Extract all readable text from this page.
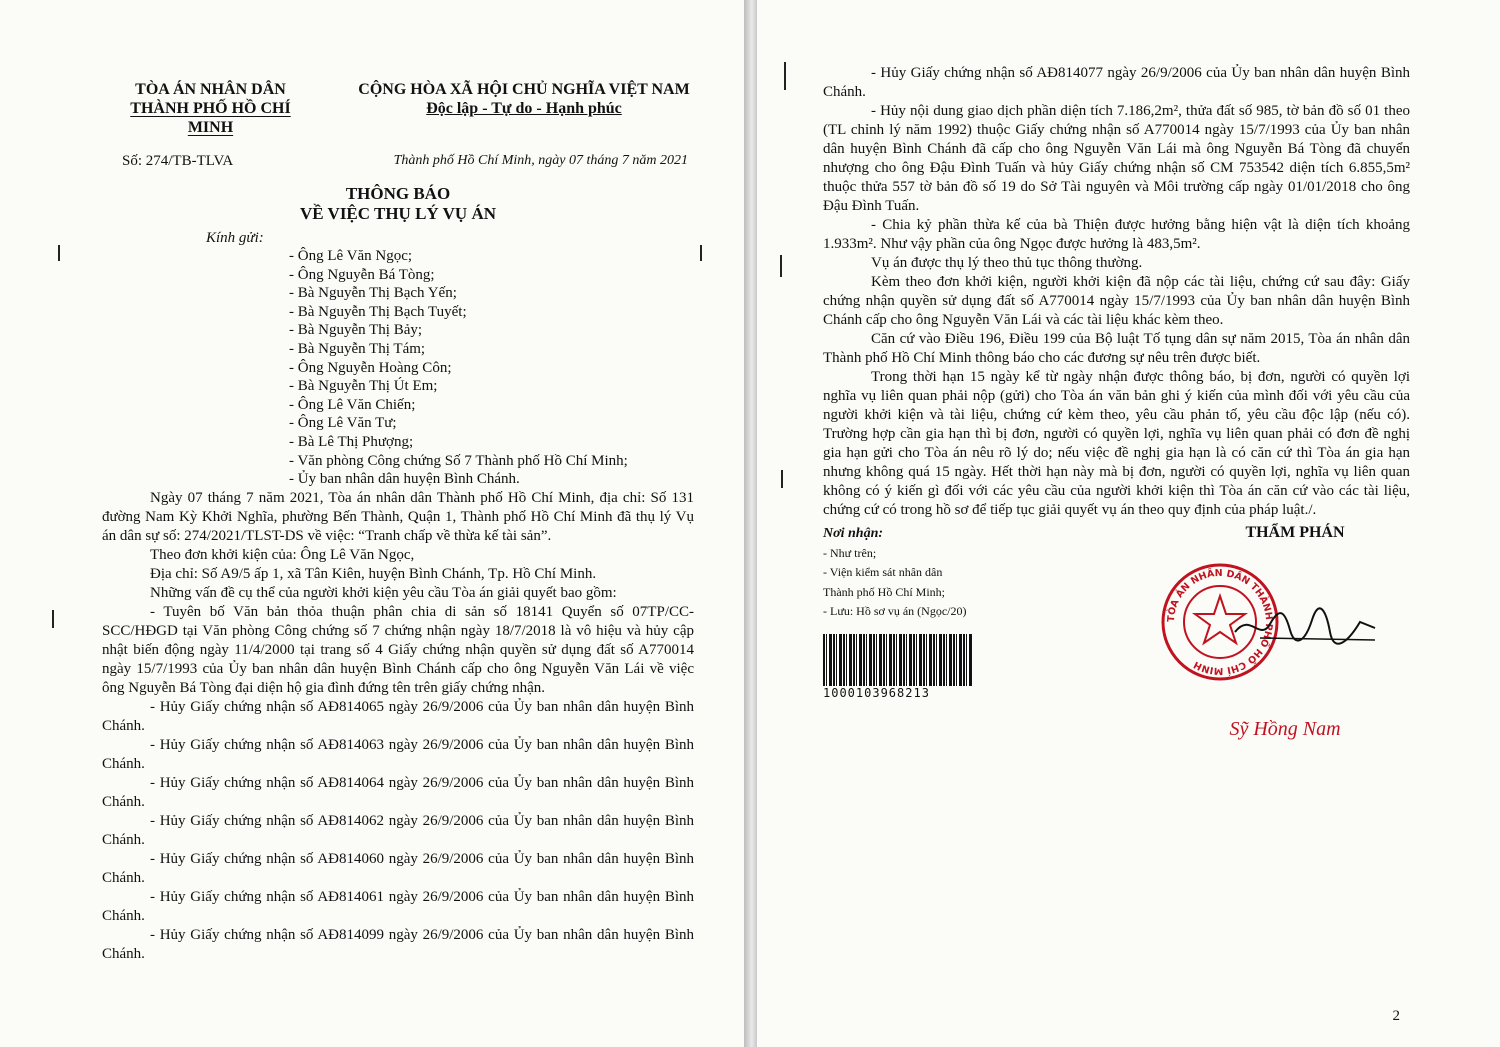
TÒA ÁN NHÂN DÂN
THÀNH PHỐ HỒ CHÍ MINH
CỘNG HÒA XÃ HỘI CHỦ NGHĨA VIỆT NAM
Độc lập - Tự do - Hạnh phúc
Số: 274/TB-TLVA	Thành phố Hồ Chí Minh, ngày 07 tháng 7 năm 2021
THÔNG BÁO
VỀ VIỆC THỤ LÝ VỤ ÁN
Kính gửi:
- Ông Lê Văn Ngọc;
- Ông Nguyễn Bá Tòng;
- Bà Nguyễn Thị Bạch Yến;
- Bà Nguyễn Thị Bạch Tuyết;
- Bà Nguyễn Thị Bảy;
- Bà Nguyễn Thị Tám;
- Ông Nguyễn Hoàng Côn;
- Bà Nguyễn Thị Út Em;
- Ông Lê Văn Chiến;
- Ông Lê Văn Tư;
- Bà Lê Thị Phượng;
- Văn phòng Công chứng Số 7 Thành phố Hồ Chí Minh;
- Ủy ban nhân dân huyện Bình Chánh.

Ngày 07 tháng 7 năm 2021, Tòa án nhân dân Thành phố Hồ Chí Minh, địa chỉ: Số 131 đường Nam Kỳ Khởi Nghĩa, phường Bến Thành, Quận 1, Thành phố Hồ Chí Minh đã thụ lý Vụ án dân sự số: 274/2021/TLST-DS về việc: “Tranh chấp về thừa kế tài sản”.

Theo đơn khởi kiện của: Ông Lê Văn Ngọc,

Địa chỉ: Số A9/5 ấp 1, xã Tân Kiên, huyện Bình Chánh, Tp. Hồ Chí Minh.

Những vấn đề cụ thể của người khởi kiện yêu cầu Tòa án giải quyết bao gồm:

- Tuyên bố Văn bản thỏa thuận phân chia di sản số 18141 Quyển số 07TP/CC-SCC/HĐGD tại Văn phòng Công chứng số 7 chứng nhận ngày 18/7/2018 là vô hiệu và hủy cập nhật biến động ngày 11/4/2000 tại trang số 4 Giấy chứng nhận quyền sử dụng đất số A770014 ngày 15/7/1993 của Ủy ban nhân dân huyện Bình Chánh cấp cho ông Nguyễn Văn Lái về việc ông Nguyễn Bá Tòng đại diện hộ gia đình đứng tên trên giấy chứng nhận.

- Hủy Giấy chứng nhận số AĐ814065 ngày 26/9/2006 của Ủy ban nhân dân huyện Bình Chánh.

- Hủy Giấy chứng nhận số AĐ814063 ngày 26/9/2006 của Ủy ban nhân dân huyện Bình Chánh.

- Hủy Giấy chứng nhận số AĐ814064 ngày 26/9/2006 của Ủy ban nhân dân huyện Bình Chánh.

- Hủy Giấy chứng nhận số AĐ814062 ngày 26/9/2006 của Ủy ban nhân dân huyện Bình Chánh.

- Hủy Giấy chứng nhận số AĐ814060 ngày 26/9/2006 của Ủy ban nhân dân huyện Bình Chánh.

- Hủy Giấy chứng nhận số AĐ814061 ngày 26/9/2006 của Ủy ban nhân dân huyện Bình Chánh.

- Hủy Giấy chứng nhận số AĐ814099 ngày 26/9/2006 của Ủy ban nhân dân huyện Bình Chánh.

- Hủy Giấy chứng nhận số AĐ814077 ngày 26/9/2006 của Ủy ban nhân dân huyện Bình Chánh.

- Hủy nội dung giao dịch phần diện tích 7.186,2m², thửa đất số 985, tờ bản đồ số 01 theo (TL chỉnh lý năm 1992) thuộc Giấy chứng nhận số A770014 ngày 15/7/1993 của Ủy ban nhân dân huyện Bình Chánh đã cấp cho ông Nguyễn Văn Lái mà ông Nguyễn Bá Tòng đã chuyển nhượng cho ông Đậu Đình Tuấn và hủy Giấy chứng nhận số CM 753542 diện tích 6.855,5m² thuộc thửa 557 tờ bản đồ số 19 do Sở Tài nguyên và Môi trường cấp ngày 01/01/2018 cho ông Đậu Đình Tuấn.

- Chia kỷ phần thừa kế của bà Thiện được hưởng bằng hiện vật là diện tích khoảng 1.933m². Như vậy phần của ông Ngọc được hưởng là 483,5m².

Vụ án được thụ lý theo thủ tục thông thường.

Kèm theo đơn khởi kiện, người khởi kiện đã nộp các tài liệu, chứng cứ sau đây: Giấy chứng nhận quyền sử dụng đất số A770014 ngày 15/7/1993 của Ủy ban nhân dân huyện Bình Chánh cấp cho ông Nguyễn Văn Lái và các tài liệu khác kèm theo.

Căn cứ vào Điều 196, Điều 199 của Bộ luật Tố tụng dân sự năm 2015, Tòa án nhân dân Thành phố Hồ Chí Minh thông báo cho các đương sự nêu trên được biết.

Trong thời hạn 15 ngày kể từ ngày nhận được thông báo, bị đơn, người có quyền lợi nghĩa vụ liên quan phải nộp (gửi) cho Tòa án văn bản ghi ý kiến của mình đối với yêu cầu của người khởi kiện và tài liệu, chứng cứ kèm theo, yêu cầu phản tố, yêu cầu độc lập (nếu có). Trường hợp cần gia hạn thì bị đơn, người có quyền lợi, nghĩa vụ liên quan phải có đơn đề nghị gia hạn gửi cho Tòa án nêu rõ lý do; nếu việc đề nghị gia hạn là có căn cứ thì Tòa án gia hạn nhưng không quá 15 ngày. Hết thời hạn này mà bị đơn, người có quyền lợi, nghĩa vụ liên quan không có ý kiến gì đối với các yêu cầu của người khởi kiện thì Tòa án căn cứ vào các tài liệu, chứng cứ có trong hồ sơ để tiếp tục giải quyết vụ án theo quy định của pháp luật./.

Nơi nhận:
- Như trên;
- Viện kiểm sát nhân dân
Thành phố Hồ Chí Minh;
- Lưu: Hồ sơ vụ án (Ngọc/20)
1000103968213
THẨM PHÁN
TÒA ÁN NHÂN DÂN THÀNH PHỐ HỒ CHÍ MINH
Sỹ Hồng Nam
2
